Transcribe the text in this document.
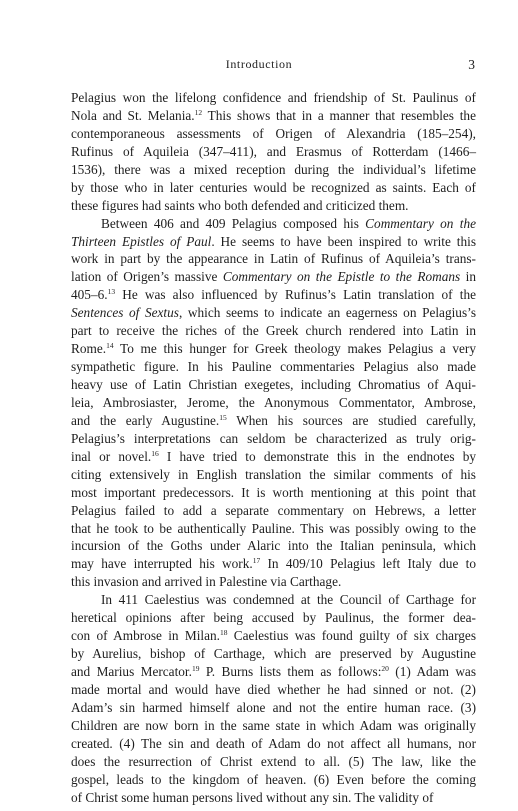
Introduction	3
Pelagius won the lifelong confidence and friendship of St. Paulinus of
Nola and St. Melania.$^{12}$ This shows that in a manner that resembles the
contemporaneous assessments of Origen of Alexandria (185–254),
Rufinus of Aquileia (347–411), and Erasmus of Rotterdam (1466–
1536), there was a mixed reception during the individual’s lifetime
by those who in later centuries would be recognized as saints. Each of
these figures had saints who both defended and criticized them.
Between 406 and 409 Pelagius composed his Commentary on the
Thirteen Epistles of Paul. He seems to have been inspired to write this
work in part by the appearance in Latin of Rufinus of Aquileia’s trans-
lation of Origen’s massive Commentary on the Epistle to the Romans in
405–6.13 He was also influenced by Rufinus’s Latin translation of the
Sentences of Sextus, which seems to indicate an eagerness on Pelagius’s
part to receive the riches of the Greek church rendered into Latin in
Rome.$^{14}$ To me this hunger for Greek theology makes Pelagius a very
sympathetic figure. In his Pauline commentaries Pelagius also made
heavy use of Latin Christian exegetes, including Chromatius of Aqui-
leia, Ambrosiaster, Jerome, the Anonymous Commentator, Ambrose,
and the early Augustine.$^{15}$ When his sources are studied carefully,
Pelagius’s interpretations can seldom be characterized as truly orig-
inal or novel.$^{16}$ I have tried to demonstrate this in the endnotes by
citing extensively in English translation the similar comments of his
most important predecessors. It is worth mentioning at this point that
Pelagius failed to add a separate commentary on Hebrews, a letter
that he took to be authentically Pauline. This was possibly owing to the
incursion of the Goths under Alaric into the Italian peninsula, which
may have interrupted his work.$^{17}$ In 409/10 Pelagius left Italy due to
this invasion and arrived in Palestine via Carthage.
In 411 Caelestius was condemned at the Council of Carthage for
heretical opinions after being accused by Paulinus, the former dea-
con of Ambrose in Milan.$^{18}$ Caelestius was found guilty of six charges
by Aurelius, bishop of Carthage, which are preserved by Augustine
and Marius Mercator.$^{19}$ P. Burns lists them as follows:$^{20}$ (1) Adam was
made mortal and would have died whether he had sinned or not. (2)
Adam’s sin harmed himself alone and not the entire human race. (3)
Children are now born in the same state in which Adam was originally
created. (4) The sin and death of Adam do not affect all humans, nor
does the resurrection of Christ extend to all. (5) The law, like the
gospel, leads to the kingdom of heaven. (6) Even before the coming
of Christ some human persons lived without any sin. The validity of
